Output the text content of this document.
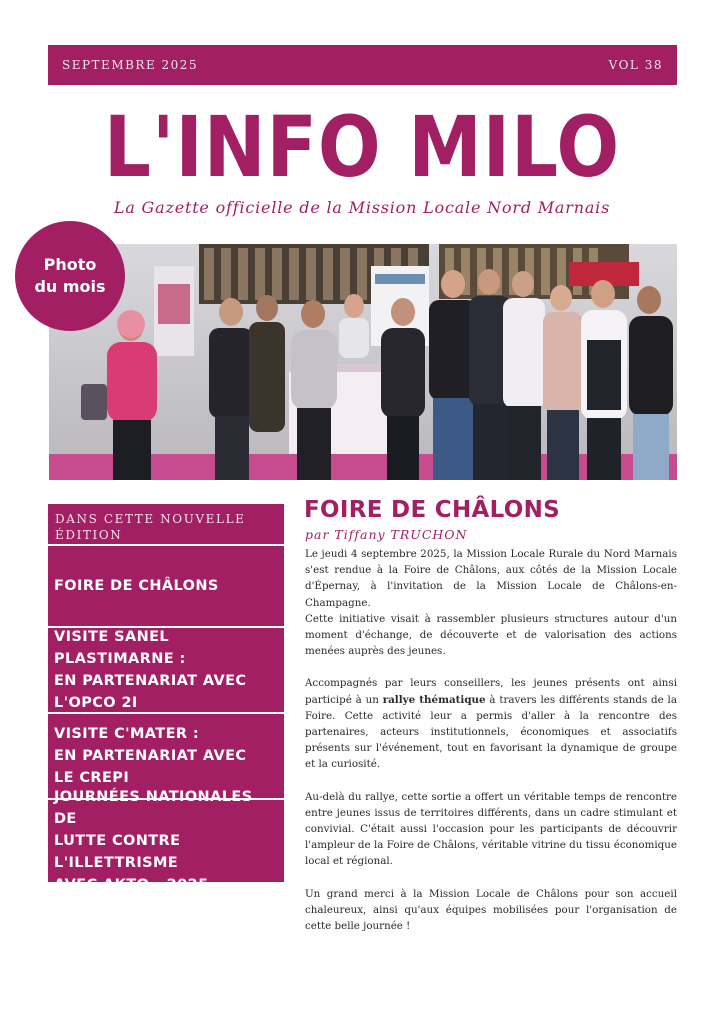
SEPTEMBRE 2025	VOL 38
L'INFO MILO
La Gazette officielle de la Mission Locale Nord Marnais
Photo
du mois
DANS CETTE NOUVELLE ÉDITION
FOIRE DE CHÂLONS
VISITE SANEL PLASTIMARNE :
EN PARTENARIAT AVEC
L'OPCO 2I
VISITE C'MATER :
EN PARTENARIAT AVEC
LE CREPI
JOURNÉES NATIONALES DE
LUTTE CONTRE L'ILLETTRISME
AVEC AKTO - 2025
FOIRE DE CHÂLONS
par Tiffany TRUCHON

Le jeudi 4 septembre 2025, la Mission Locale Rurale du Nord Marnais s'est rendue à la Foire de Châlons, aux côtés de la Mission Locale d'Épernay, à l'invitation de la Mission Locale de Châlons-en-Champagne.

Cette initiative visait à rassembler plusieurs structures autour d'un moment d'échange, de découverte et de valorisation des actions menées auprès des jeunes.

Accompagnés par leurs conseillers, les jeunes présents ont ainsi participé à un rallye thématique à travers les différents stands de la Foire. Cette activité leur a permis d'aller à la rencontre des partenaires, acteurs institutionnels, économiques et associatifs présents sur l'événement, tout en favorisant la dynamique de groupe et la curiosité.

Au-delà du rallye, cette sortie a offert un véritable temps de rencontre entre jeunes issus de territoires différents, dans un cadre stimulant et convivial. C'était aussi l'occasion pour les participants de découvrir l'ampleur de la Foire de Châlons, véritable vitrine du tissu économique local et régional.

Un grand merci à la Mission Locale de Châlons pour son accueil chaleureux, ainsi qu'aux équipes mobilisées pour l'organisation de cette belle journée !
